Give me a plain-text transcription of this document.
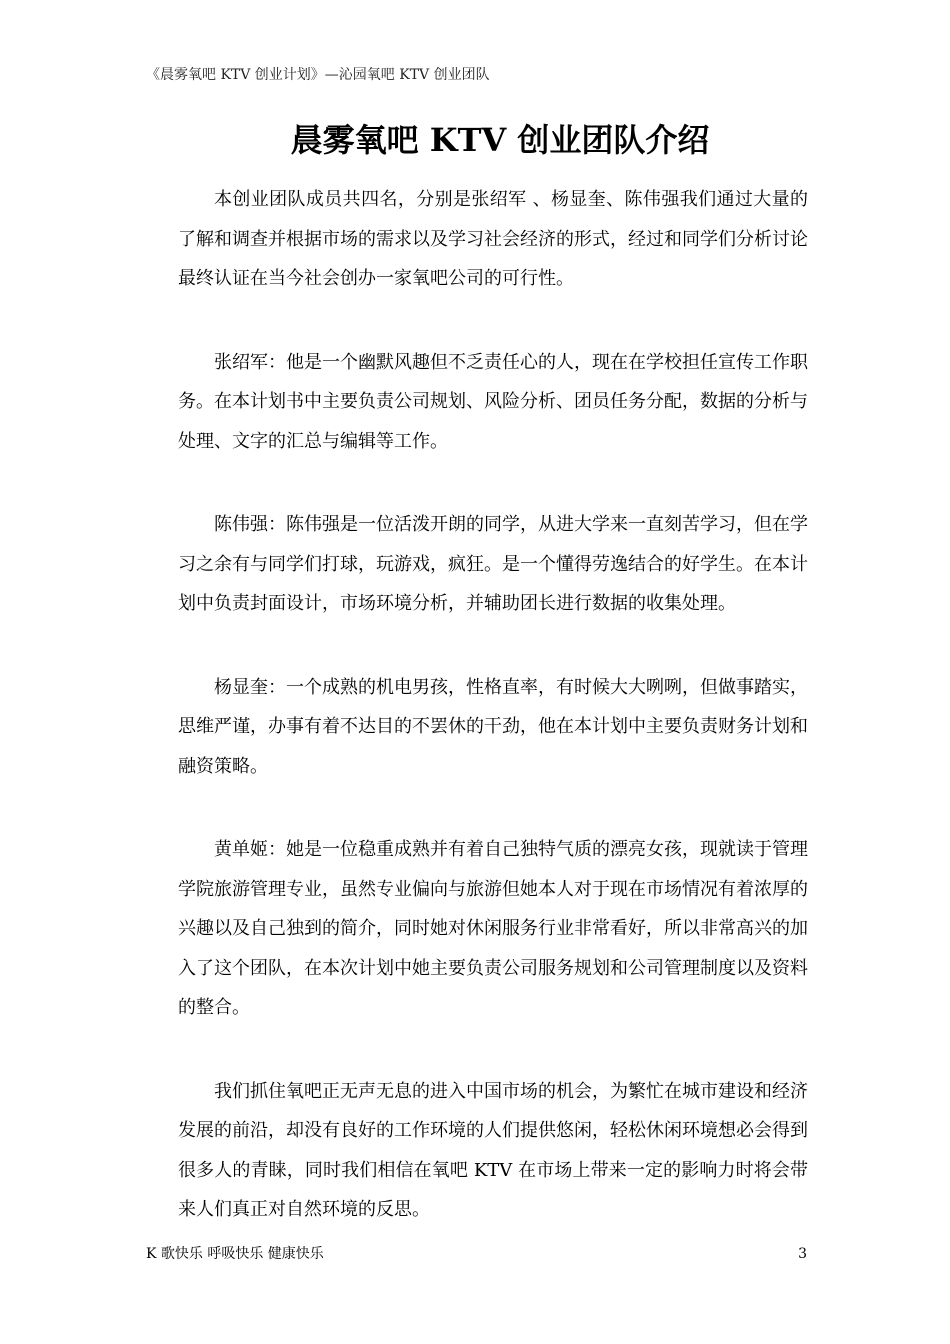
《晨雾氧吧 KTV 创业计划》—沁园氧吧 KTV 创业团队
晨雾氧吧 KTV 创业团队介绍

本创业团队成员共四名，分别是张绍军 、杨显奎、陈伟强我们通过大量的了解和调查并根据市场的需求以及学习社会经济的形式，经过和同学们分析讨论最终认证在当今社会创办一家氧吧公司的可行性。

张绍军：他是一个幽默风趣但不乏责任心的人，现在在学校担任宣传工作职务。在本计划书中主要负责公司规划、风险分析、团员任务分配，数据的分析与处理、文字的汇总与编辑等工作。

陈伟强：陈伟强是一位活泼开朗的同学，从进大学来一直刻苦学习，但在学习之余有与同学们打球，玩游戏，疯狂。是一个懂得劳逸结合的好学生。在本计划中负责封面设计，市场环境分析，并辅助团长进行数据的收集处理。

杨显奎：一个成熟的机电男孩，性格直率，有时候大大咧咧，但做事踏实，思维严谨，办事有着不达目的不罢休的干劲，他在本计划中主要负责财务计划和融资策略。

黄单姬：她是一位稳重成熟并有着自己独特气质的漂亮女孩，现就读于管理学院旅游管理专业，虽然专业偏向与旅游但她本人对于现在市场情况有着浓厚的兴趣以及自己独到的简介，同时她对休闲服务行业非常看好，所以非常高兴的加入了这个团队，在本次计划中她主要负责公司服务规划和公司管理制度以及资料的整合。

我们抓住氧吧正无声无息的进入中国市场的机会，为繁忙在城市建设和经济发展的前沿，却没有良好的工作环境的人们提供悠闲，轻松休闲环境想必会得到很多人的青睐，同时我们相信在氧吧 KTV 在市场上带来一定的影响力时将会带来人们真正对自然环境的反思。

K 歌快乐 呼吸快乐 健康快乐	3
